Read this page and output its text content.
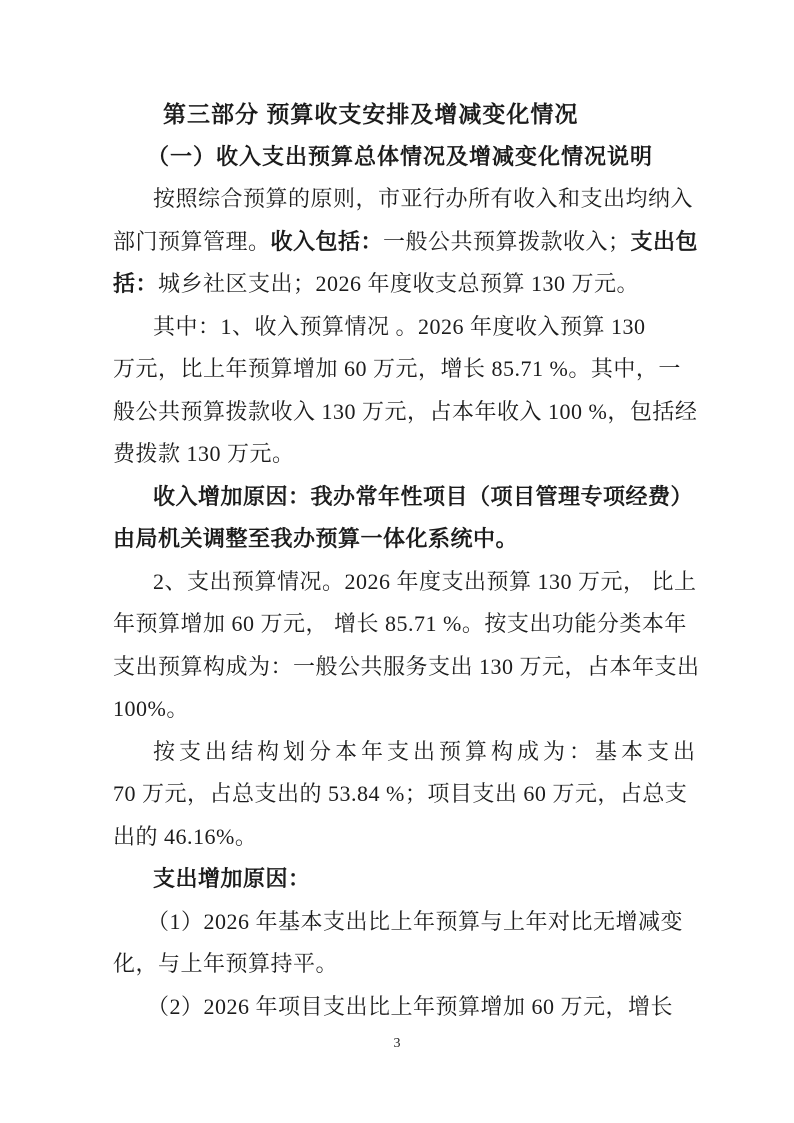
第三部分 预算收支安排及增减变化情况
（一）收入支出预算总体情况及增减变化情况说明
按照综合预算的原则，市亚行办所有收入和支出均纳入
部门预算管理。收入包括：一般公共预算拨款收入；支出包
括：城乡社区支出；2026 年度收支总预算 130 万元。
其中：1、收入预算情况 。2026 年度收入预算 130
万元，比上年预算增加 60 万元，增长 85.71 %。其中，一
般公共预算拨款收入 130 万元，占本年收入 100 %，包括经
费拨款 130 万元。
收入增加原因：我办常年性项目（项目管理专项经费）
由局机关调整至我办预算一体化系统中。
2、支出预算情况。2026 年度支出预算 130 万元， 比上
年预算增加 60 万元， 增长 85.71 %。按支出功能分类本年
支出预算构成为：一般公共服务支出 130 万元，占本年支出
100%。
按支出结构划分本年支出预算构成为：基本支出
70 万元，占总支出的 53.84 %；项目支出 60 万元，占总支
出的 46.16%。
支出增加原因：
（1）2026 年基本支出比上年预算与上年对比无增减变
化，与上年预算持平。
（2）2026 年项目支出比上年预算增加 60 万元，增长
3
